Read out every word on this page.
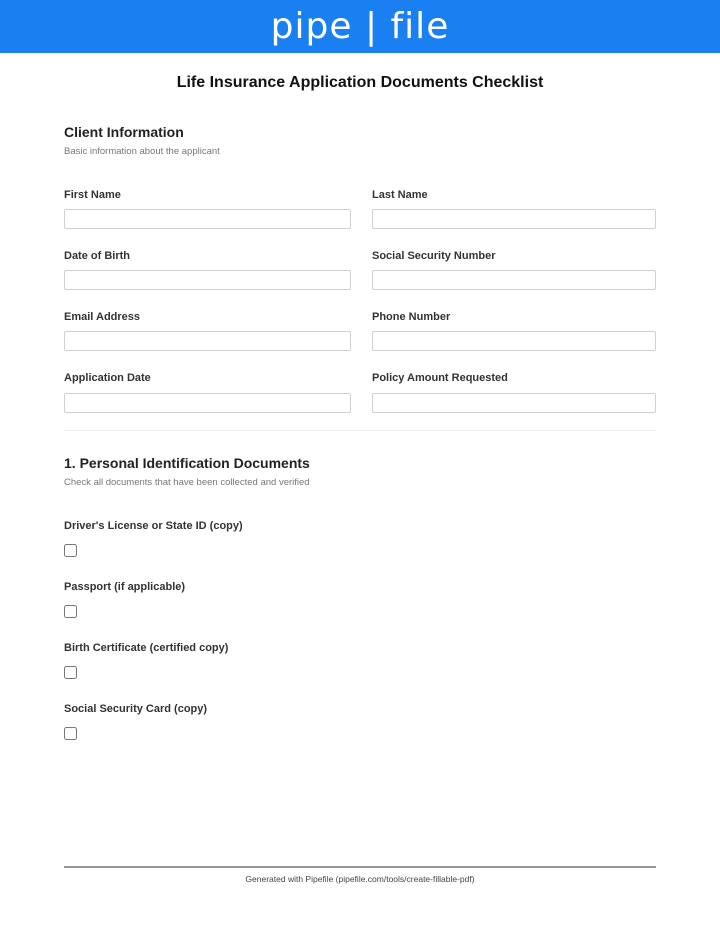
pipe | file
Life Insurance Application Documents Checklist
Client Information
Basic information about the applicant
First Name	Last Name
Date of Birth	Social Security Number
Email Address	Phone Number
Application Date	Policy Amount Requested
1. Personal Identification Documents
Check all documents that have been collected and verified
Driver's License or State ID (copy)
Passport (if applicable)
Birth Certificate (certified copy)
Social Security Card (copy)
Generated with Pipefile (pipefile.com/tools/create-fillable-pdf)
